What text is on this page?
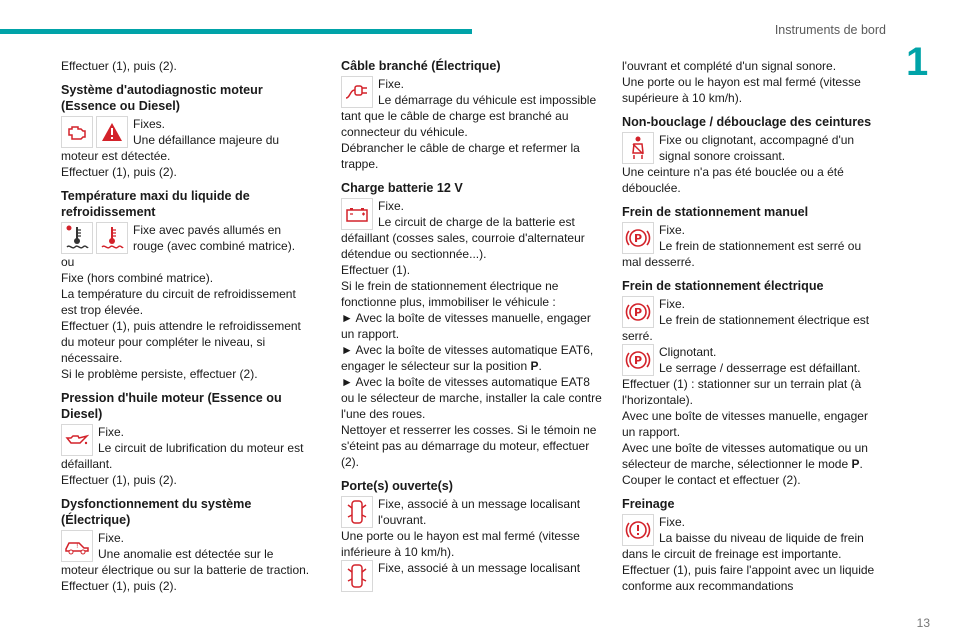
Instruments de bord
1
13

Effectuer (1), puis (2).

Système d'autodiagnostic moteur (Essence ou Diesel)

Fixes.

Une défaillance majeure du moteur est détectée.

Effectuer (1), puis (2).

Température maxi du liquide de refroidissement

Fixe avec pavés allumés en rouge (avec combiné matrice).

ou

Fixe (hors combiné matrice).

La température du circuit de refroidissement est trop élevée.

Effectuer (1), puis attendre le refroidissement du moteur pour compléter le niveau, si nécessaire.

Si le problème persiste, effectuer (2).

Pression d'huile moteur (Essence ou Diesel)

Fixe.

Le circuit de lubrification du moteur est défaillant.

Effectuer (1), puis (2).

Dysfonctionnement du système (Électrique)
!

Fixe.

Une anomalie est détectée sur le moteur électrique ou sur la batterie de traction.

Effectuer (1), puis (2).

Câble branché (Électrique)

Fixe.

Le démarrage du véhicule est impossible tant que le câble de charge est branché au connecteur du véhicule.

Débrancher le câble de charge et refermer la trappe.

Charge batterie 12 V

Fixe.

Le circuit de charge de la batterie est défaillant (cosses sales, courroie d'alternateur détendue ou sectionnée...).

Effectuer (1).

Si le frein de stationnement électrique ne fonctionne plus, immobiliser le véhicule :

► Avec la boîte de vitesses manuelle, engager un rapport.

► Avec la boîte de vitesses automatique EAT6, engager le sélecteur sur la position P.

► Avec la boîte de vitesses automatique EAT8 ou le sélecteur de marche, installer la cale contre l'une des roues.

Nettoyer et resserrer les cosses. Si le témoin ne s'éteint pas au démarrage du moteur, effectuer (2).

Porte(s) ouverte(s)

Fixe, associé à un message localisant l'ouvrant.

Une porte ou le hayon est mal fermé (vitesse inférieure à 10 km/h).

Fixe, associé à un message localisant

l'ouvrant et complété d'un signal sonore.

Une porte ou le hayon est mal fermé (vitesse supérieure à 10 km/h).

Non-bouclage / débouclage des ceintures

Fixe ou clignotant, accompagné d'un signal sonore croissant.

Une ceinture n'a pas été bouclée ou a été débouclée.

Frein de stationnement manuel
P

Fixe.

Le frein de stationnement est serré ou mal desserré.

Frein de stationnement électrique
P

Fixe.

Le frein de stationnement électrique est serré.

P

Clignotant.

Le serrage / desserrage est défaillant.

Effectuer (1) : stationner sur un terrain plat (à l'horizontale).

Avec une boîte de vitesses manuelle, engager un rapport.

Avec une boîte de vitesses automatique ou un sélecteur de marche, sélectionner le mode P.

Couper le contact et effectuer (2).

Freinage

Fixe.

La baisse du niveau de liquide de frein dans le circuit de freinage est importante.

Effectuer (1), puis faire l'appoint avec un liquide conforme aux recommandations
